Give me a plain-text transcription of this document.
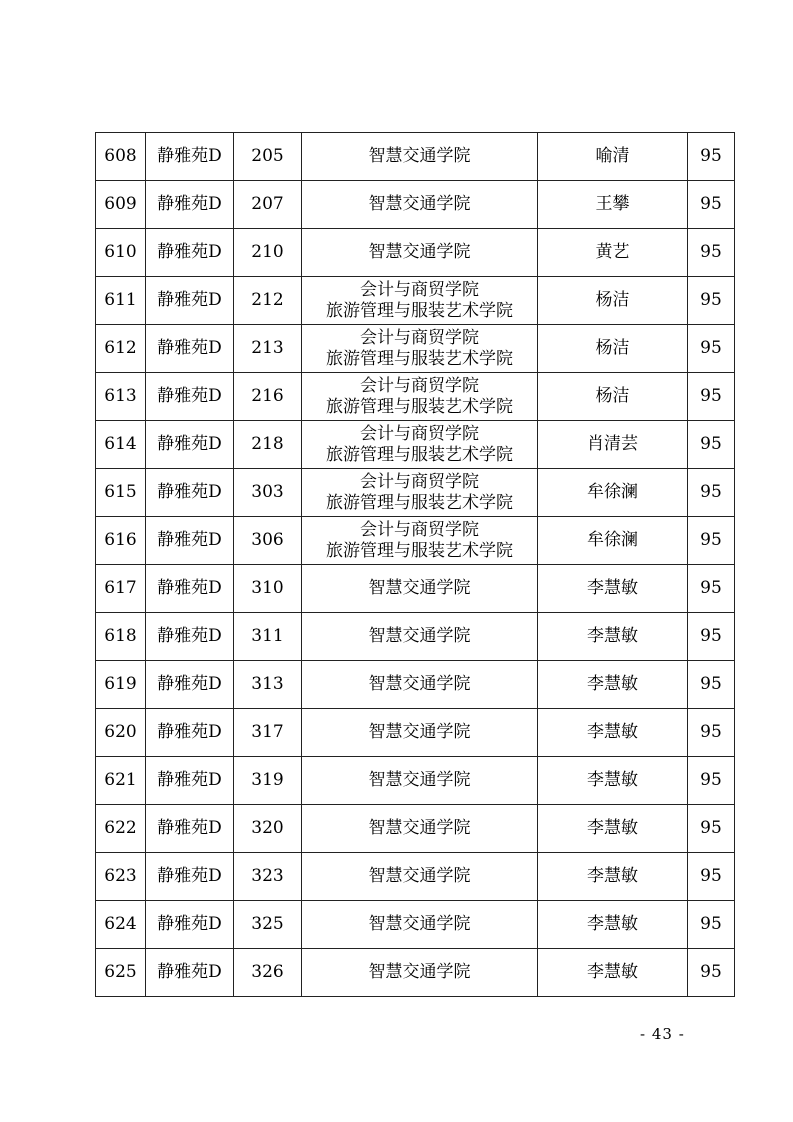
608	静雅苑D	205	智慧交通学院	喻清	95
609	静雅苑D	207	智慧交通学院	王攀	95
610	静雅苑D	210	智慧交通学院	黄艺	95
611	静雅苑D	212	会计与商贸学院
旅游管理与服装艺术学院	杨洁	95
612	静雅苑D	213	会计与商贸学院
旅游管理与服装艺术学院	杨洁	95
613	静雅苑D	216	会计与商贸学院
旅游管理与服装艺术学院	杨洁	95
614	静雅苑D	218	会计与商贸学院
旅游管理与服装艺术学院	肖清芸	95
615	静雅苑D	303	会计与商贸学院
旅游管理与服装艺术学院	牟徐澜	95
616	静雅苑D	306	会计与商贸学院
旅游管理与服装艺术学院	牟徐澜	95
617	静雅苑D	310	智慧交通学院	李慧敏	95
618	静雅苑D	311	智慧交通学院	李慧敏	95
619	静雅苑D	313	智慧交通学院	李慧敏	95
620	静雅苑D	317	智慧交通学院	李慧敏	95
621	静雅苑D	319	智慧交通学院	李慧敏	95
622	静雅苑D	320	智慧交通学院	李慧敏	95
623	静雅苑D	323	智慧交通学院	李慧敏	95
624	静雅苑D	325	智慧交通学院	李慧敏	95
625	静雅苑D	326	智慧交通学院	李慧敏	95
- 43 -
